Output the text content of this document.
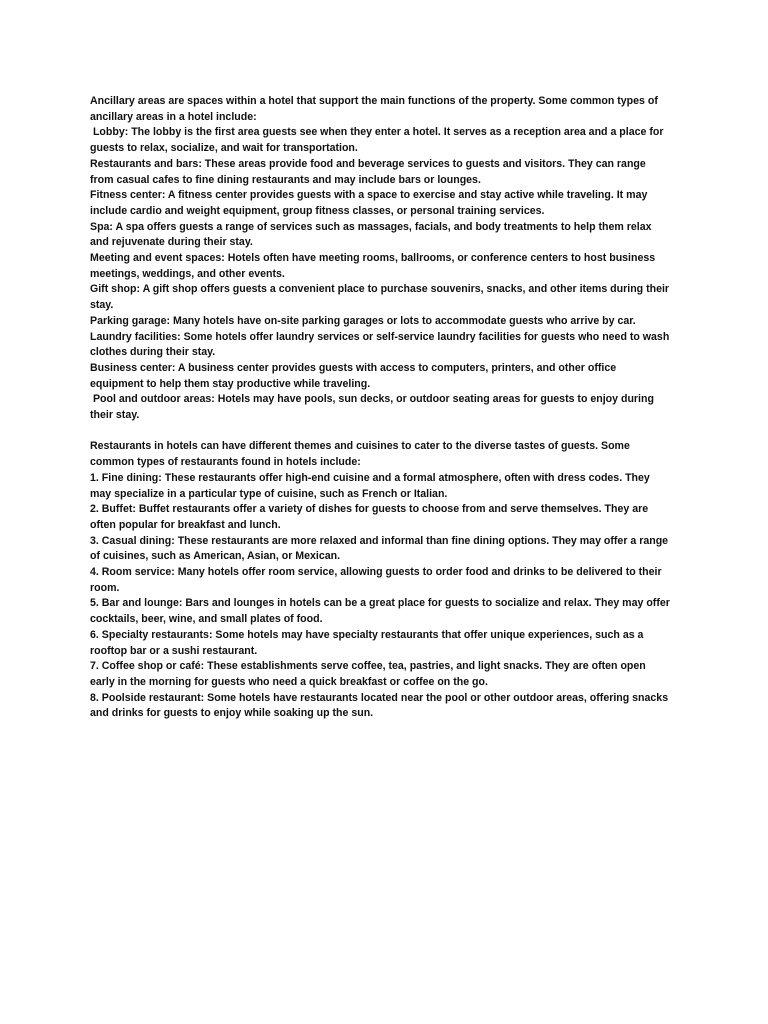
Ancillary areas are spaces within a hotel that support the main functions of the property. Some common types of ancillary areas in a hotel include:
Lobby: The lobby is the first area guests see when they enter a hotel. It serves as a reception area and a place for guests to relax, socialize, and wait for transportation.
Restaurants and bars: These areas provide food and beverage services to guests and visitors. They can range from casual cafes to fine dining restaurants and may include bars or lounges.
Fitness center: A fitness center provides guests with a space to exercise and stay active while traveling. It may include cardio and weight equipment, group fitness classes, or personal training services.
Spa: A spa offers guests a range of services such as massages, facials, and body treatments to help them relax and rejuvenate during their stay.
Meeting and event spaces: Hotels often have meeting rooms, ballrooms, or conference centers to host business meetings, weddings, and other events.
Gift shop: A gift shop offers guests a convenient place to purchase souvenirs, snacks, and other items during their stay.
Parking garage: Many hotels have on-site parking garages or lots to accommodate guests who arrive by car.
Laundry facilities: Some hotels offer laundry services or self-service laundry facilities for guests who need to wash clothes during their stay.
Business center: A business center provides guests with access to computers, printers, and other office equipment to help them stay productive while traveling.
Pool and outdoor areas: Hotels may have pools, sun decks, or outdoor seating areas for guests to enjoy during their stay.
Restaurants in hotels can have different themes and cuisines to cater to the diverse tastes of guests. Some common types of restaurants found in hotels include:
1. Fine dining: These restaurants offer high-end cuisine and a formal atmosphere, often with dress codes. They may specialize in a particular type of cuisine, such as French or Italian.
2. Buffet: Buffet restaurants offer a variety of dishes for guests to choose from and serve themselves. They are often popular for breakfast and lunch.
3. Casual dining: These restaurants are more relaxed and informal than fine dining options. They may offer a range of cuisines, such as American, Asian, or Mexican.
4. Room service: Many hotels offer room service, allowing guests to order food and drinks to be delivered to their room.
5. Bar and lounge: Bars and lounges in hotels can be a great place for guests to socialize and relax. They may offer cocktails, beer, wine, and small plates of food.
6. Specialty restaurants: Some hotels may have specialty restaurants that offer unique experiences, such as a rooftop bar or a sushi restaurant.
7. Coffee shop or café: These establishments serve coffee, tea, pastries, and light snacks. They are often open early in the morning for guests who need a quick breakfast or coffee on the go.
8. Poolside restaurant: Some hotels have restaurants located near the pool or other outdoor areas, offering snacks and drinks for guests to enjoy while soaking up the sun.
